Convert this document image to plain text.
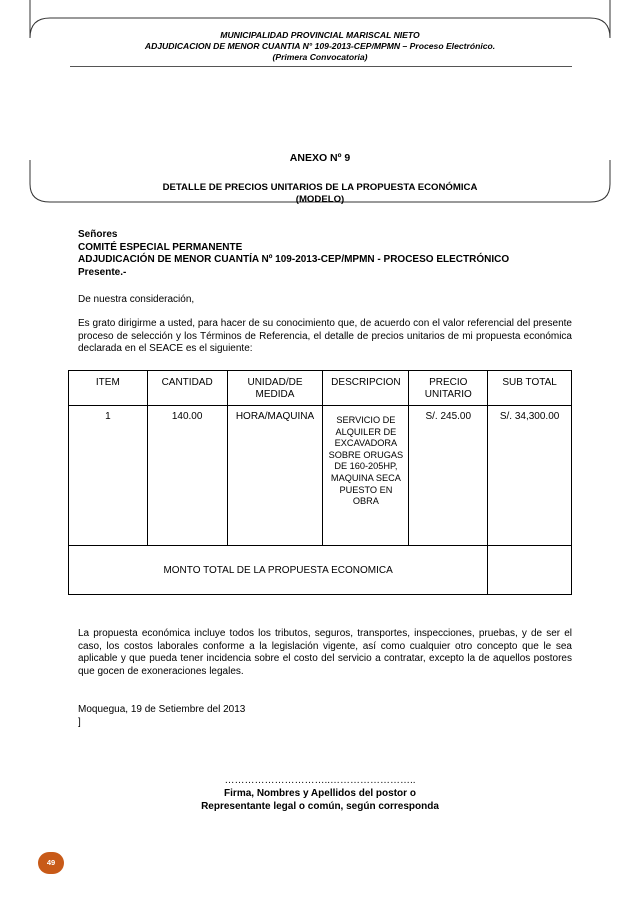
MUNICIPALIDAD PROVINCIAL MARISCAL NIETO
ADJUDICACION DE MENOR CUANTIA N° 109-2013-CEP/MPMN – Proceso Electrónico.
(Primera Convocatoria)
ANEXO Nº 9
DETALLE DE PRECIOS UNITARIOS DE LA PROPUESTA ECONÓMICA
(MODELO)
Señores
COMITÉ ESPECIAL PERMANENTE
ADJUDICACIÓN DE MENOR CUANTÍA Nº 109-2013-CEP/MPMN - PROCESO ELECTRÓNICO
Presente.-
De nuestra consideración,
Es grato dirigirme a usted, para hacer de su conocimiento que, de acuerdo con el valor referencial del presente proceso de selección y los Términos de Referencia, el detalle de precios unitarios de mi propuesta económica declarada en el SEACE es el siguiente:
ITEM	CANTIDAD	UNIDAD/DE MEDIDA	DESCRIPCION	PRECIO UNITARIO	SUB TOTAL
1	140.00	HORA/MAQUINA	SERVICIO DE ALQUILER DE EXCAVADORA SOBRE ORUGAS DE 160-205HP, MAQUINA SECA PUESTO EN OBRA	S/. 245.00	S/. 34,300.00
MONTO TOTAL DE LA PROPUESTA ECONOMICA					
La propuesta económica incluye todos los tributos, seguros, transportes, inspecciones, pruebas, y de ser el caso, los costos laborales conforme a la legislación vigente, así como cualquier otro concepto que le sea aplicable y que pueda tener incidencia sobre el costo del servicio a contratar, excepto la de aquellos postores que gocen de exoneraciones legales.
Moquegua, 19 de Setiembre del 2013
]
…………………………..……………………..
Firma, Nombres y Apellidos del postor o
Representante legal o común, según corresponda
49
